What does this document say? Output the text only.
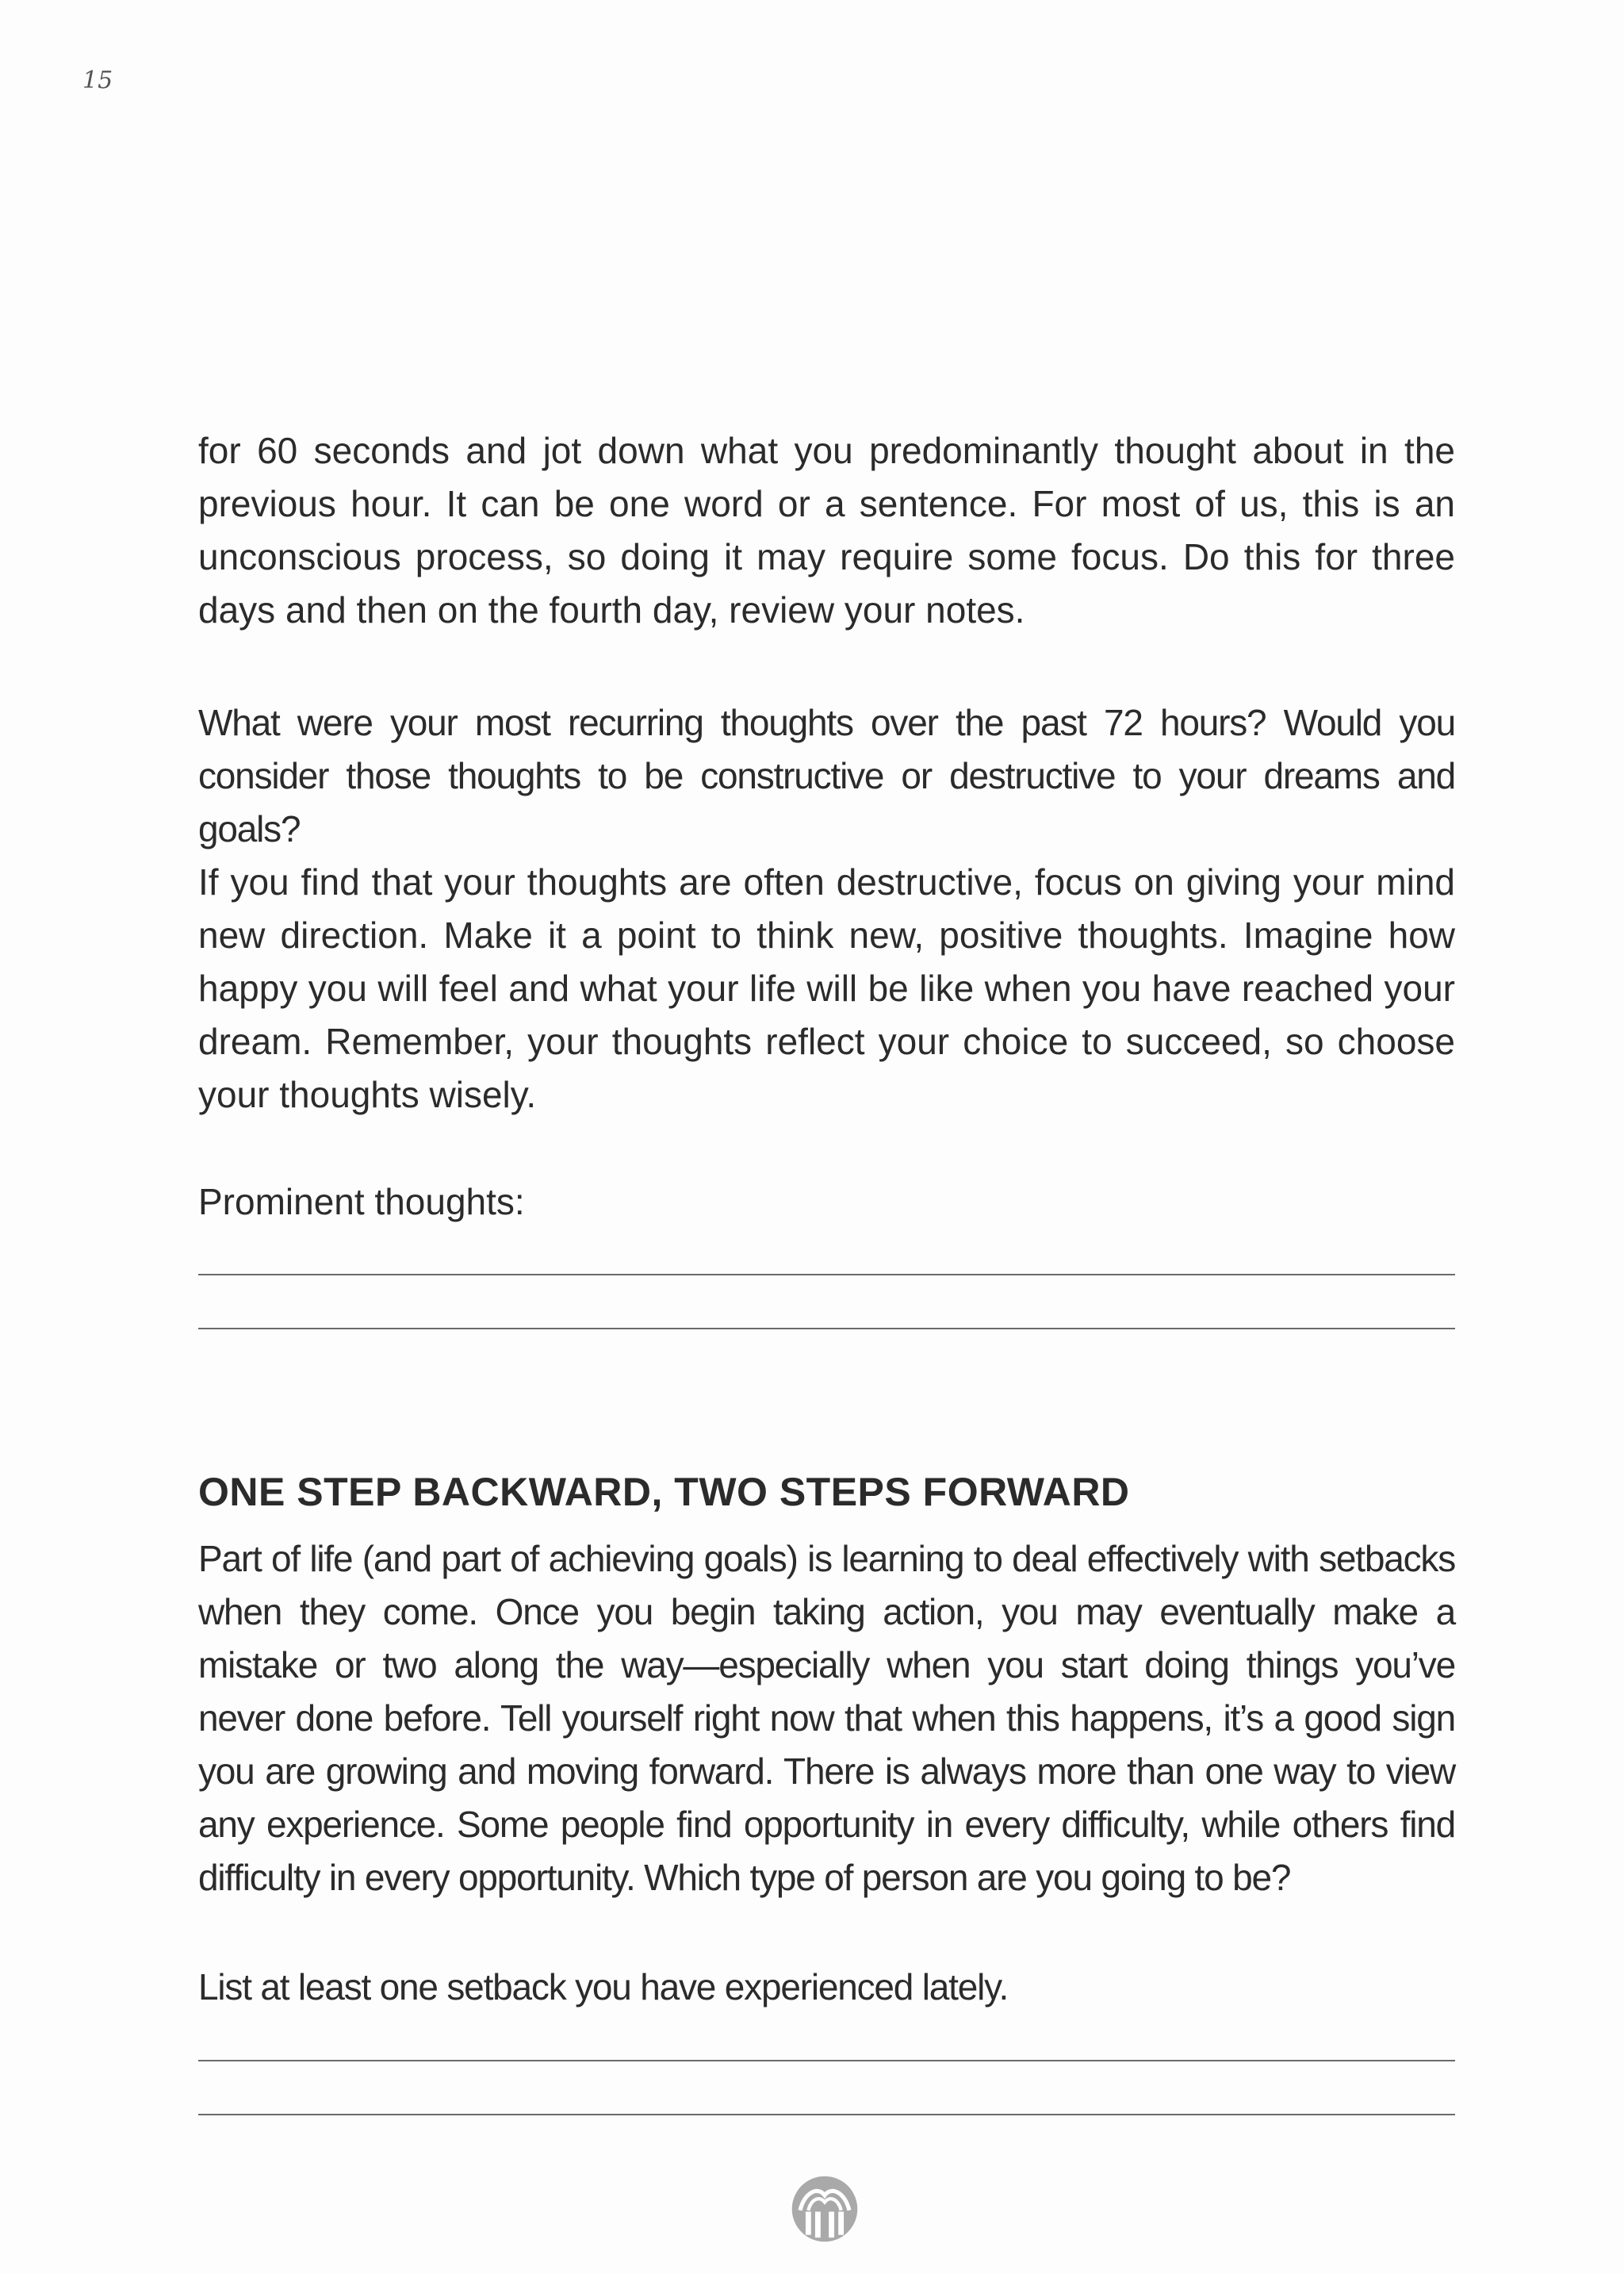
15

for 60 seconds and jot down what you predominantly thought about in the previous hour. It can be one word or a sentence. For most of us, this is an unconscious process, so doing it may require some focus. Do this for three days and then on the fourth day, review your notes.

What were your most recurring thoughts over the past 72 hours? Would you consider those thoughts to be constructive or destructive to your dreams and goals?

If you find that your thoughts are often destructive, focus on giving your mind new direction. Make it a point to think new, positive thoughts. Imagine how happy you will feel and what your life will be like when you have reached your dream. Remember, your thoughts reflect your choice to succeed, so choose your thoughts wisely.

Prominent thoughts:

ONE STEP BACKWARD, TWO STEPS FORWARD

Part of life (and part of achieving goals) is learning to deal effectively with setbacks when they come. Once you begin taking action, you may eventually make a mistake or two along the way—especially when you start doing things you’ve never done before. Tell yourself right now that when this happens, it’s a good sign you are growing and moving forward. There is always more than one way to view any experience. Some people find opportunity in every difficulty, while others find difficulty in every opportunity. Which type of person are you going to be?

List at least one setback you have experienced lately.
